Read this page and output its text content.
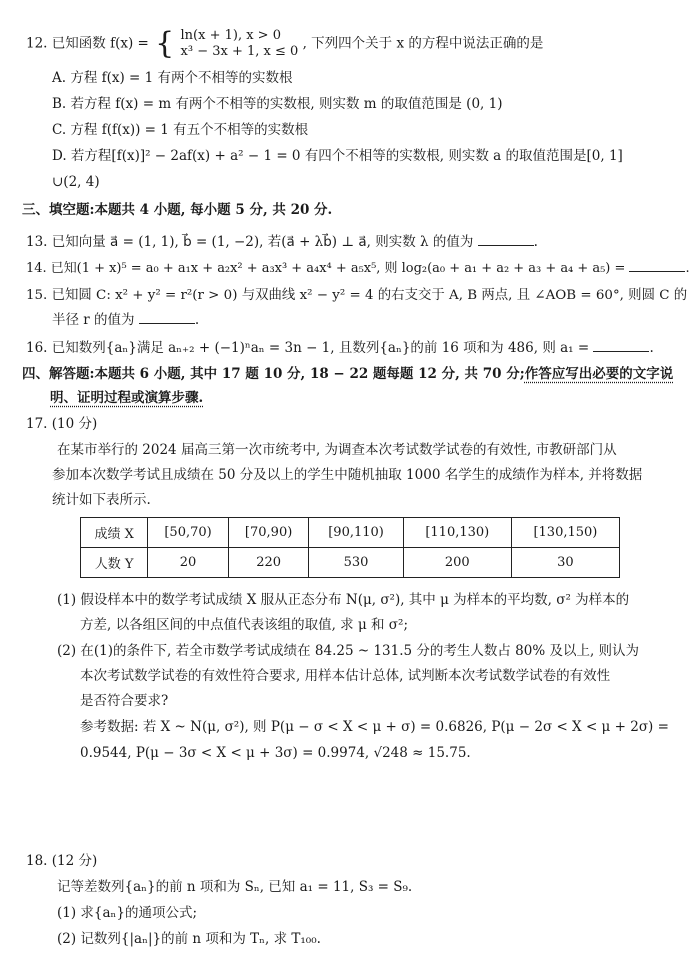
12. 已知函数 f(x) = { ln(x + 1), x > 0
x³ − 3x + 1, x ≤ 0 , 下列四个关于 x 的方程中说法正确的是
A. 方程 f(x) = 1 有两个不相等的实数根
B. 若方程 f(x) = m 有两个不相等的实数根, 则实数 m 的取值范围是 (0, 1)
C. 方程 f(f(x)) = 1 有五个不相等的实数根
D. 若方程[f(x)]² − 2af(x) + a² − 1 = 0 有四个不相等的实数根, 则实数 a 的取值范围是[0, 1]
∪(2, 4)
三、填空题:本题共 4 小题, 每小题 5 分, 共 20 分.
13. 已知向量 a⃗ = (1, 1), b⃗ = (1, −2), 若(a⃗ + λb⃗) ⊥ a⃗, 则实数 λ 的值为	.
14. 已知(1 + x)⁵ = a₀ + a₁x + a₂x² + a₃x³ + a₄x⁴ + a₅x⁵, 则 log₂(a₀ + a₁ + a₂ + a₃ + a₄ + a₅) =	.
15. 已知圆 C: x² + y² = r²(r > 0) 与双曲线 x² − y² = 4 的右支交于 A, B 两点, 且 ∠AOB = 60°, 则圆 C 的
半径 r 的值为	.
16. 已知数列{aₙ}满足 aₙ₊₂ + (−1)ⁿaₙ = 3n − 1, 且数列{aₙ}的前 16 项和为 486, 则 a₁ =	.
四、解答题:本题共 6 小题, 其中 17 题 10 分, 18 − 22 题每题 12 分, 共 70 分;作答应写出必要的文字说
明、证明过程或演算步骤.
17. (10 分)
在某市举行的 2024 届高三第一次市统考中, 为调查本次考试数学试卷的有效性, 市教研部门从
参加本次数学考试且成绩在 50 分及以上的学生中随机抽取 1000 名学生的成绩作为样本, 并将数据
统计如下表所示.
成绩 X	[50,70)	[70,90)	[90,110)	[110,130)	[130,150)
人数 Y	20	220	530	200	30
(1) 假设样本中的数学考试成绩 X 服从正态分布 N(μ, σ²), 其中 μ 为样本的平均数, σ² 为样本的
方差, 以各组区间的中点值代表该组的取值, 求 μ 和 σ²;
(2) 在(1)的条件下, 若全市数学考试成绩在 84.25 ~ 131.5 分的考生人数占 80% 及以上, 则认为
本次考试数学试卷的有效性符合要求, 用样本估计总体, 试判断本次考试数学试卷的有效性
是否符合要求?
参考数据: 若 X ~ N(μ, σ²), 则 P(μ − σ < X < μ + σ) = 0.6826, P(μ − 2σ < X < μ + 2σ) =
0.9544, P(μ − 3σ < X < μ + 3σ) = 0.9974, √248 ≈ 15.75.
18. (12 分)
记等差数列{aₙ}的前 n 项和为 Sₙ, 已知 a₁ = 11, S₃ = S₉.
(1) 求{aₙ}的通项公式;
(2) 记数列{|aₙ|}的前 n 项和为 Tₙ, 求 T₁₀₀.
